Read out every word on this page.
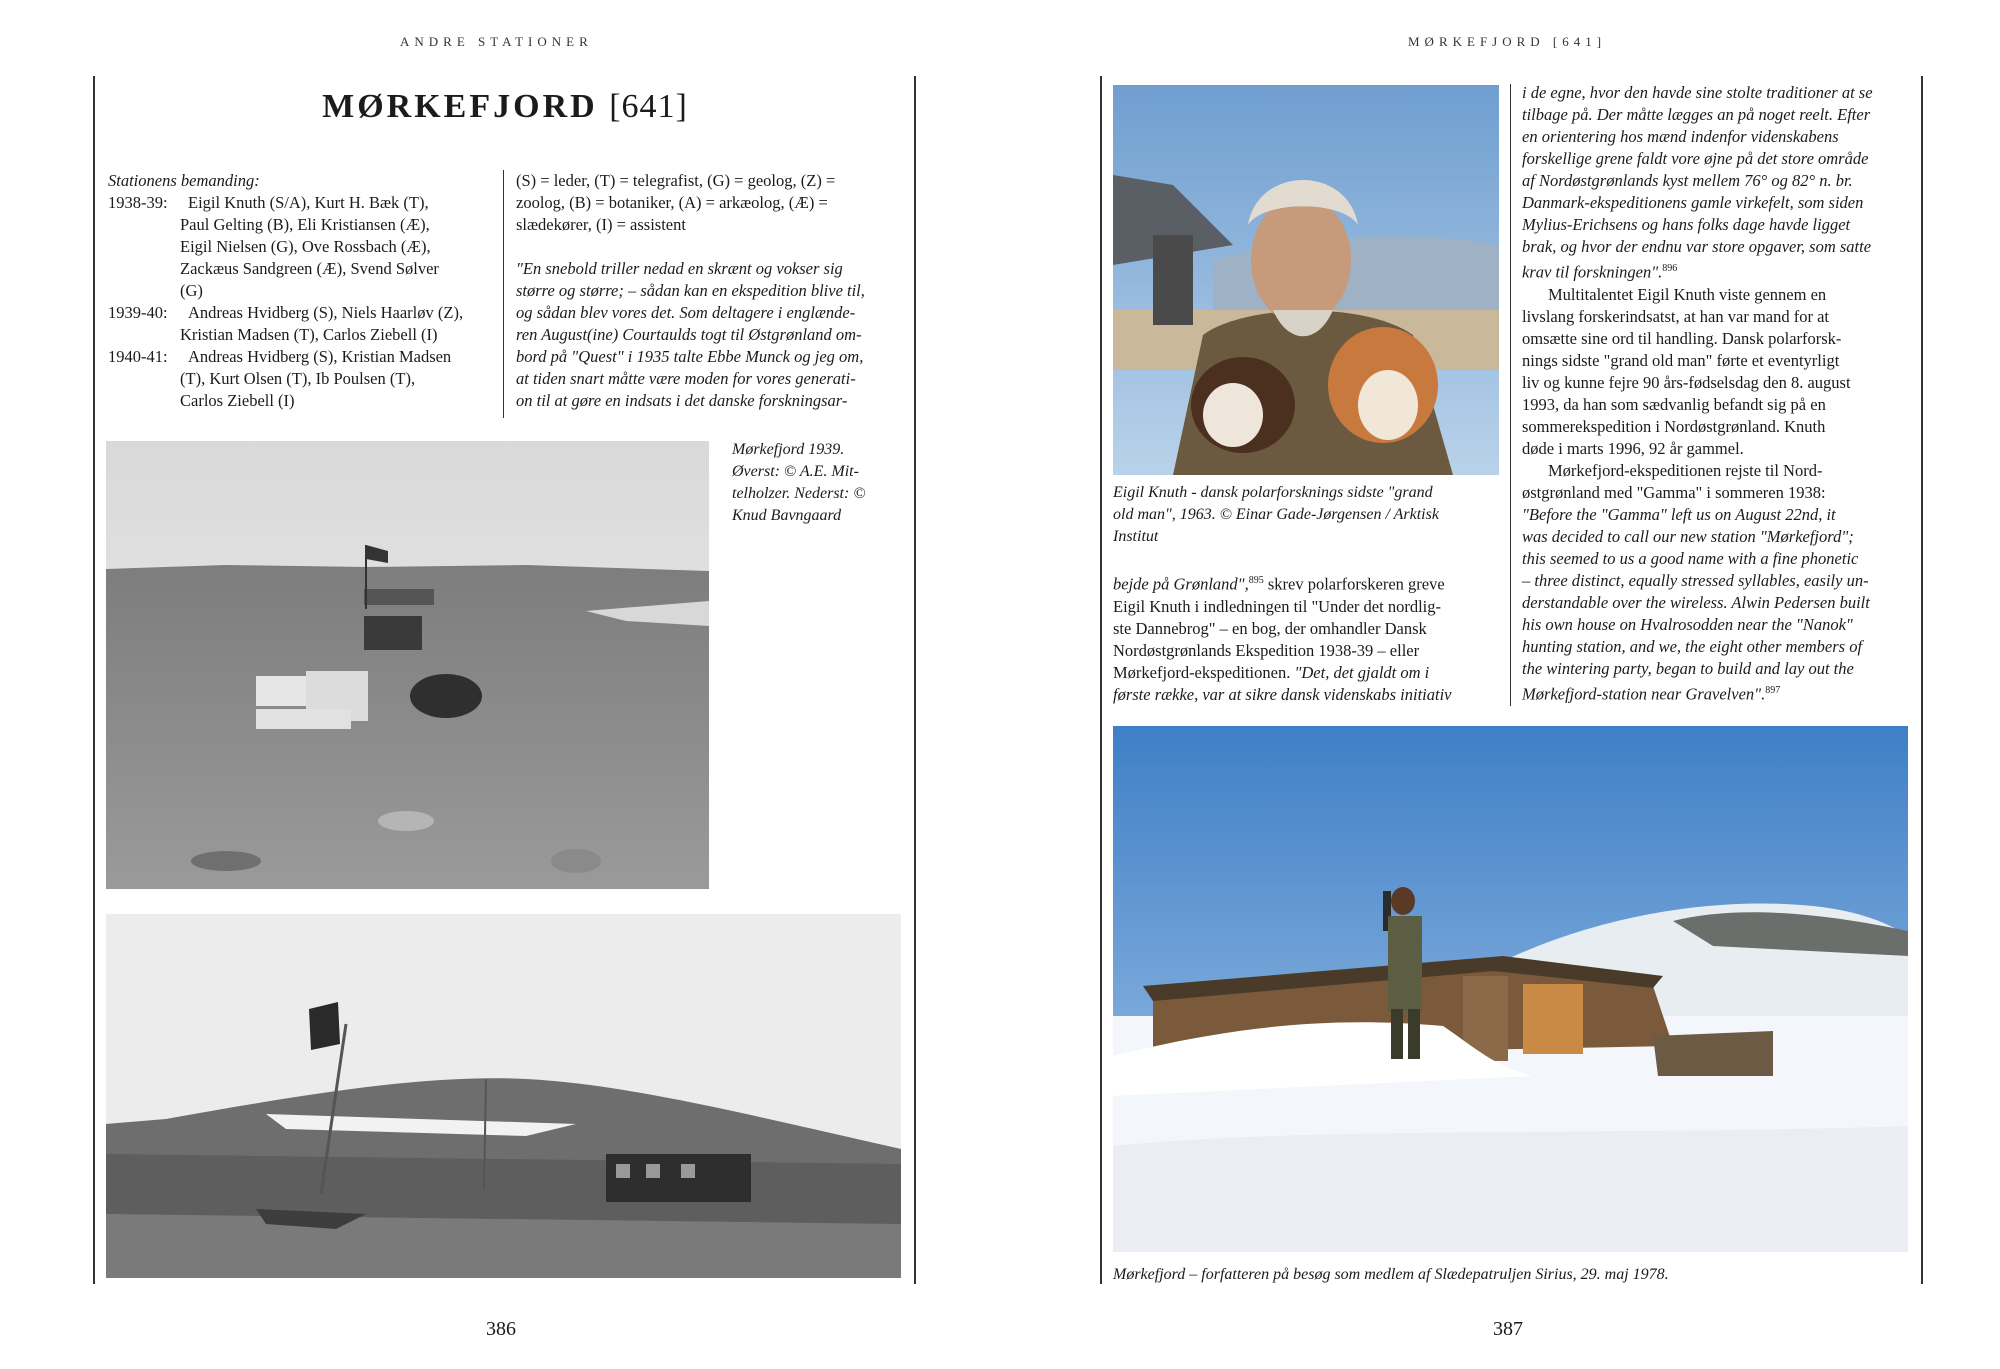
ANDRE STATIONER
MØRKEFJORD [641]
Stationens bemanding:
1938-39: Eigil Knuth (S/A), Kurt H. Bæk (T),
Paul Gelting (B), Eli Kristiansen (Æ),
Eigil Nielsen (G), Ove Rossbach (Æ),
Zackæus Sandgreen (Æ), Svend Sølver
(G)
1939-40: Andreas Hvidberg (S), Niels Haarløv (Z),
Kristian Madsen (T), Carlos Ziebell (I)
1940-41: Andreas Hvidberg (S), Kristian Madsen
(T), Kurt Olsen (T), Ib Poulsen (T),
Carlos Ziebell (I)
(S) = leder, (T) = telegrafist, (G) = geolog, (Z) =
zoolog, (B) = botaniker, (A) = arkæolog, (Æ) =
slædekører, (I) = assistent
"En snebold triller nedad en skrænt og vokser sig
større og større; – sådan kan en ekspedition blive til,
og sådan blev vores det. Som deltagere i englænde-
ren August(ine) Courtaulds togt til Østgrønland om-
bord på "Quest" i 1935 talte Ebbe Munck og jeg om,
at tiden snart måtte være moden for vores generati-
on til at gøre en indsats i det danske forskningsar-
Mørkefjord 1939.
Øverst: © A.E. Mit-
telholzer. Nederst: ©
Knud Bavngaard
386
MØRKEFJORD [641]
Eigil Knuth - dansk polarforsknings sidste "grand
old man", 1963. © Einar Gade-Jørgensen / Arktisk
Institut
bejde på Grønland",$^{895}$ skrev polarforskeren greve
Eigil Knuth i indledningen til "Under det nordlig-
ste Dannebrog" – en bog, der omhandler Dansk
Nordøstgrønlands Ekspedition 1938-39 – eller
Mørkefjord-ekspeditionen. "Det, det gjaldt om i
første række, var at sikre dansk videnskabs initiativ
i de egne, hvor den havde sine stolte traditioner at se
tilbage på. Der måtte lægges an på noget reelt. Efter
en orientering hos mænd indenfor videnskabens
forskellige grene faldt vore øjne på det store område
af Nordøstgrønlands kyst mellem 76° og 82° n. br.
Danmark-ekspeditionens gamle virkefelt, som siden
Mylius-Erichsens og hans folks dage havde ligget
brak, og hvor der endnu var store opgaver, som satte
krav til forskningen".$^{896}$
Multitalentet Eigil Knuth viste gennem en
livslang forskerindsatst, at han var mand for at
omsætte sine ord til handling. Dansk polarforsk-
nings sidste "grand old man" førte et eventyrligt
liv og kunne fejre 90 års-fødselsdag den 8. august
1993, da han som sædvanlig befandt sig på en
sommerekspedition i Nordøstgrønland. Knuth
døde i marts 1996, 92 år gammel.
Mørkefjord-ekspeditionen rejste til Nord-
østgrønland med "Gamma" i sommeren 1938:
"Before the "Gamma" left us on August 22nd, it
was decided to call our new station "Mørkefjord";
this seemed to us a good name with a fine phonetic
– three distinct, equally stressed syllables, easily un-
derstandable over the wireless. Alwin Pedersen built
his own house on Hvalrosodden near the "Nanok"
hunting station, and we, the eight other members of
the wintering party, began to build and lay out the
Mørkefjord-station near Gravelven".$^{897}$
Mørkefjord – forfatteren på besøg som medlem af Slædepatruljen Sirius, 29. maj 1978.
387
